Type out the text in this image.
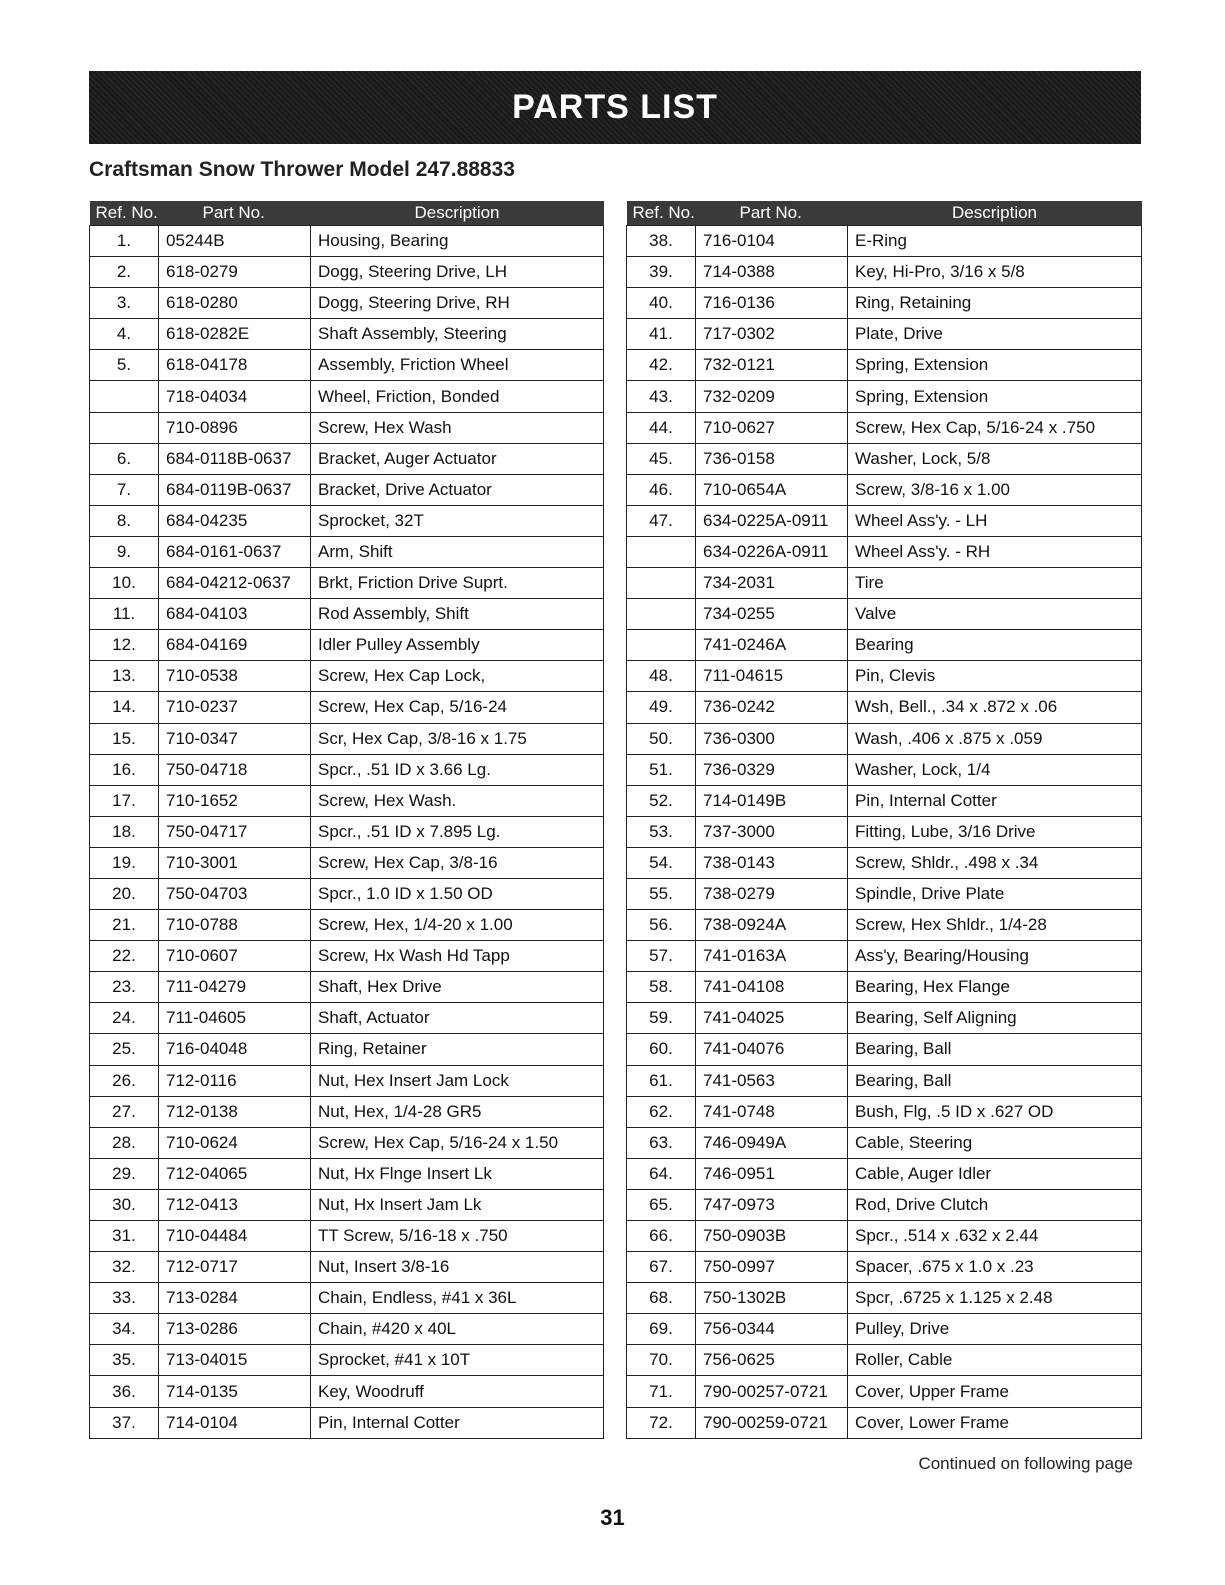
PARTS LIST
Craftsman Snow Thrower Model 247.88833
Ref. No.	Part No.	Description
1.	05244B	Housing, Bearing
2.	618-0279	Dogg, Steering Drive, LH
3.	618-0280	Dogg, Steering Drive, RH
4.	618-0282E	Shaft Assembly, Steering
5.	618-04178	Assembly, Friction Wheel
	718-04034	Wheel, Friction, Bonded
	710-0896	Screw, Hex Wash
6.	684-0118B-0637	Bracket, Auger Actuator
7.	684-0119B-0637	Bracket, Drive Actuator
8.	684-04235	Sprocket, 32T
9.	684-0161-0637	Arm, Shift
10.	684-04212-0637	Brkt, Friction Drive Suprt.
11.	684-04103	Rod Assembly, Shift
12.	684-04169	Idler Pulley Assembly
13.	710-0538	Screw, Hex Cap Lock,
14.	710-0237	Screw, Hex Cap, 5/16-24
15.	710-0347	Scr, Hex Cap, 3/8-16 x 1.75
16.	750-04718	Spcr., .51 ID x 3.66 Lg.
17.	710-1652	Screw, Hex Wash.
18.	750-04717	Spcr., .51 ID x 7.895 Lg.
19.	710-3001	Screw, Hex Cap, 3/8-16
20.	750-04703	Spcr., 1.0 ID x 1.50 OD
21.	710-0788	Screw, Hex, 1/4-20 x 1.00
22.	710-0607	Screw, Hx Wash Hd Tapp
23.	711-04279	Shaft, Hex Drive
24.	711-04605	Shaft, Actuator
25.	716-04048	Ring, Retainer
26.	712-0116	Nut, Hex Insert Jam Lock
27.	712-0138	Nut, Hex, 1/4-28 GR5
28.	710-0624	Screw, Hex Cap, 5/16-24 x 1.50
29.	712-04065	Nut, Hx Flnge Insert Lk
30.	712-0413	Nut, Hx Insert Jam Lk
31.	710-04484	TT Screw, 5/16-18 x .750
32.	712-0717	Nut, Insert 3/8-16
33.	713-0284	Chain, Endless, #41 x 36L
34.	713-0286	Chain, #420 x 40L
35.	713-04015	Sprocket, #41 x 10T
36.	714-0135	Key, Woodruff
37.	714-0104	Pin, Internal Cotter
Ref. No.	Part No.	Description
38.	716-0104	E-Ring
39.	714-0388	Key, Hi-Pro, 3/16 x 5/8
40.	716-0136	Ring, Retaining
41.	717-0302	Plate, Drive
42.	732-0121	Spring, Extension
43.	732-0209	Spring, Extension
44.	710-0627	Screw, Hex Cap, 5/16-24 x .750
45.	736-0158	Washer, Lock, 5/8
46.	710-0654A	Screw, 3/8-16 x 1.00
47.	634-0225A-0911	Wheel Ass'y. - LH
	634-0226A-0911	Wheel Ass'y. - RH
	734-2031	Tire
	734-0255	Valve
	741-0246A	Bearing
48.	711-04615	Pin, Clevis
49.	736-0242	Wsh, Bell., .34 x .872 x .06
50.	736-0300	Wash, .406 x .875 x .059
51.	736-0329	Washer, Lock, 1/4
52.	714-0149B	Pin, Internal Cotter
53.	737-3000	Fitting, Lube, 3/16 Drive
54.	738-0143	Screw, Shldr., .498 x .34
55.	738-0279	Spindle, Drive Plate
56.	738-0924A	Screw, Hex Shldr., 1/4-28
57.	741-0163A	Ass'y, Bearing/Housing
58.	741-04108	Bearing, Hex Flange
59.	741-04025	Bearing, Self Aligning
60.	741-04076	Bearing, Ball
61.	741-0563	Bearing, Ball
62.	741-0748	Bush, Flg, .5 ID x .627 OD
63.	746-0949A	Cable, Steering
64.	746-0951	Cable, Auger Idler
65.	747-0973	Rod, Drive Clutch
66.	750-0903B	Spcr., .514 x .632 x 2.44
67.	750-0997	Spacer, .675 x 1.0 x .23
68.	750-1302B	Spcr, .6725 x 1.125 x 2.48
69.	756-0344	Pulley, Drive
70.	756-0625	Roller, Cable
71.	790-00257-0721	Cover, Upper Frame
72.	790-00259-0721	Cover, Lower Frame
Continued on following page
31
